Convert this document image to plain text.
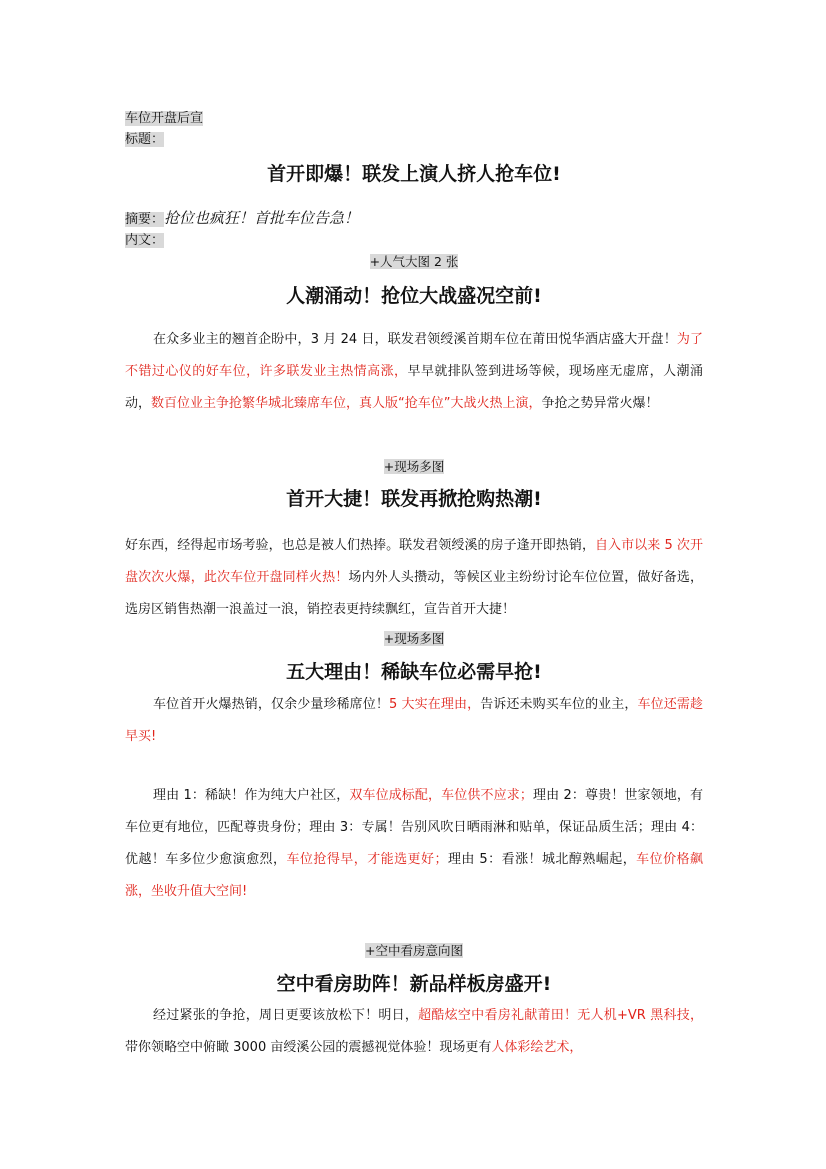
车位开盘后宣
标题：
首开即爆！联发上演人挤人抢车位!
摘要：抢位也疯狂！首批车位告急！
内文：
+人气大图 2 张
人潮涌动！抢位大战盛况空前!
在众多业主的翘首企盼中，3 月 24 日，联发君领绶溪首期车位在莆田悦华酒店盛大开盘！为了不错过心仪的好车位，许多联发业主热情高涨，早早就排队签到进场等候，现场座无虚席，人潮涌动，数百位业主争抢繁华城北臻席车位，真人版“抢车位”大战火热上演，争抢之势异常火爆！
+现场多图
首开大捷！联发再掀抢购热潮!
好东西，经得起市场考验，也总是被人们热捧。联发君领绶溪的房子逢开即热销，自入市以来 5 次开盘次次火爆，此次车位开盘同样火热！场内外人头攒动，等候区业主纷纷讨论车位位置，做好备选，选房区销售热潮一浪盖过一浪，销控表更持续飘红，宣告首开大捷！
+现场多图
五大理由！稀缺车位必需早抢!
车位首开火爆热销，仅余少量珍稀席位！5 大实在理由，告诉还未购买车位的业主，车位还需趁早买!
理由 1：稀缺！作为纯大户社区，双车位成标配，车位供不应求；理由 2：尊贵！世家领地，有车位更有地位，匹配尊贵身份；理由 3：专属！告别风吹日晒雨淋和贴单，保证品质生活；理由 4：优越！车多位少愈演愈烈，车位抢得早，才能选更好；理由 5：看涨！城北醇熟崛起，车位价格飙涨，坐收升值大空间!
+空中看房意向图
空中看房助阵！新品样板房盛开!
经过紧张的争抢，周日更要该放松下！明日，超酷炫空中看房礼献莆田！无人机+VR 黑科技，带你领略空中俯瞰 3000 亩绶溪公园的震撼视觉体验！现场更有人体彩绘艺术，
